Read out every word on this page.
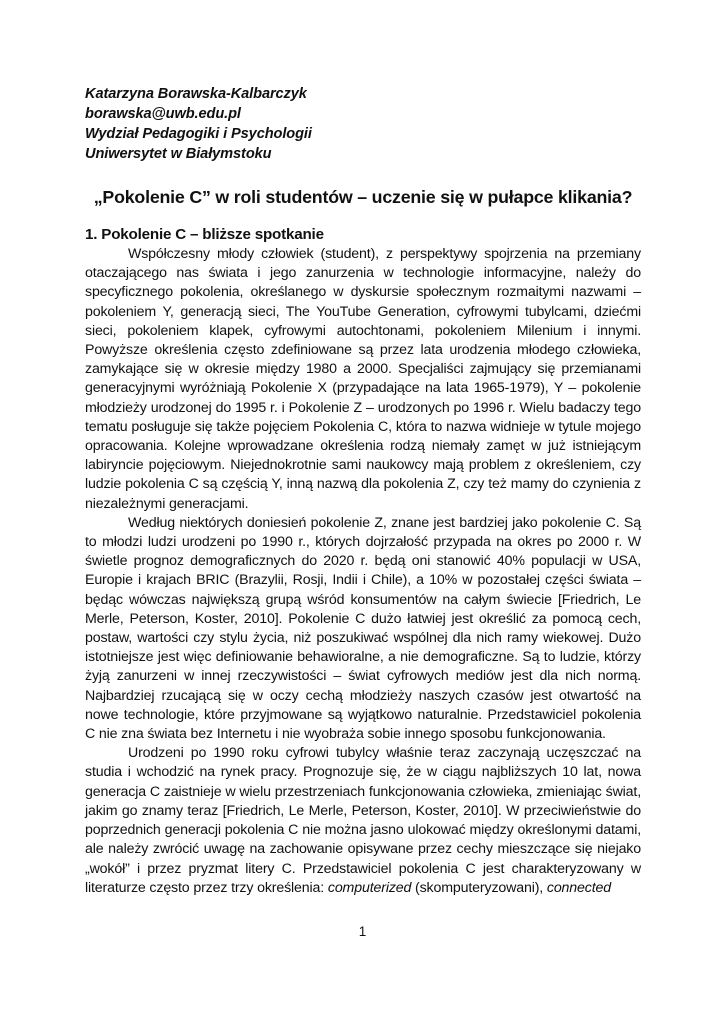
Katarzyna Borawska-Kalbarczyk
borawska@uwb.edu.pl
Wydział Pedagogiki i Psychologii
Uniwersytet w Białymstoku
„Pokolenie C” w roli studentów – uczenie się w pułapce klikania?
1. Pokolenie C – bliższe spotkanie

Współczesny młody człowiek (student), z perspektywy spojrzenia na przemiany otaczającego nas świata i jego zanurzenia w technologie informacyjne, należy do specyficznego pokolenia, określanego w dyskursie społecznym rozmaitymi nazwami – pokoleniem Y, generacją sieci, The YouTube Generation, cyfrowymi tubylcami, dziećmi sieci, pokoleniem klapek, cyfrowymi autochtonami, pokoleniem Milenium i innymi. Powyższe określenia często zdefiniowane są przez lata urodzenia młodego człowieka, zamykające się w okresie między 1980 a 2000. Specjaliści zajmujący się przemianami generacyjnymi wyróżniają Pokolenie X (przypadające na lata 1965-1979), Y – pokolenie młodzieży urodzonej do 1995 r. i Pokolenie Z – urodzonych po 1996 r. Wielu badaczy tego tematu posługuje się także pojęciem Pokolenia C, która to nazwa widnieje w tytule mojego opracowania. Kolejne wprowadzane określenia rodzą niemały zamęt w już istniejącym labiryncie pojęciowym. Niejednokrotnie sami naukowcy mają problem z określeniem, czy ludzie pokolenia C są częścią Y, inną nazwą dla pokolenia Z, czy też mamy do czynienia z niezależnymi generacjami.

Według niektórych doniesień pokolenie Z, znane jest bardziej jako pokolenie C. Są to młodzi ludzi urodzeni po 1990 r., których dojrzałość przypada na okres po 2000 r. W świetle prognoz demograficznych do 2020 r. będą oni stanowić 40% populacji w USA, Europie i krajach BRIC (Brazylii, Rosji, Indii i Chile), a 10% w pozostałej części świata – będąc wówczas największą grupą wśród konsumentów na całym świecie [Friedrich, Le Merle, Peterson, Koster, 2010]. Pokolenie C dużo łatwiej jest określić za pomocą cech, postaw, wartości czy stylu życia, niż poszukiwać wspólnej dla nich ramy wiekowej. Dużo istotniejsze jest więc definiowanie behawioralne, a nie demograficzne. Są to ludzie, którzy żyją zanurzeni w innej rzeczywistości – świat cyfrowych mediów jest dla nich normą. Najbardziej rzucającą się w oczy cechą młodzieży naszych czasów jest otwartość na nowe technologie, które przyjmowane są wyjątkowo naturalnie. Przedstawiciel pokolenia C nie zna świata bez Internetu i nie wyobraża sobie innego sposobu funkcjonowania.

Urodzeni po 1990 roku cyfrowi tubylcy właśnie teraz zaczynają uczęszczać na studia i wchodzić na rynek pracy. Prognozuje się, że w ciągu najbliższych 10 lat, nowa generacja C zaistnieje w wielu przestrzeniach funkcjonowania człowieka, zmieniając świat, jakim go znamy teraz [Friedrich, Le Merle, Peterson, Koster, 2010]. W przeciwieństwie do poprzednich generacji pokolenia C nie można jasno ulokować między określonymi datami, ale należy zwrócić uwagę na zachowanie opisywane przez cechy mieszczące się niejako „wokół” i przez pryzmat litery C. Przedstawiciel pokolenia C jest charakteryzowany w literaturze często przez trzy określenia: computerized (skomputeryzowani), connected

1
